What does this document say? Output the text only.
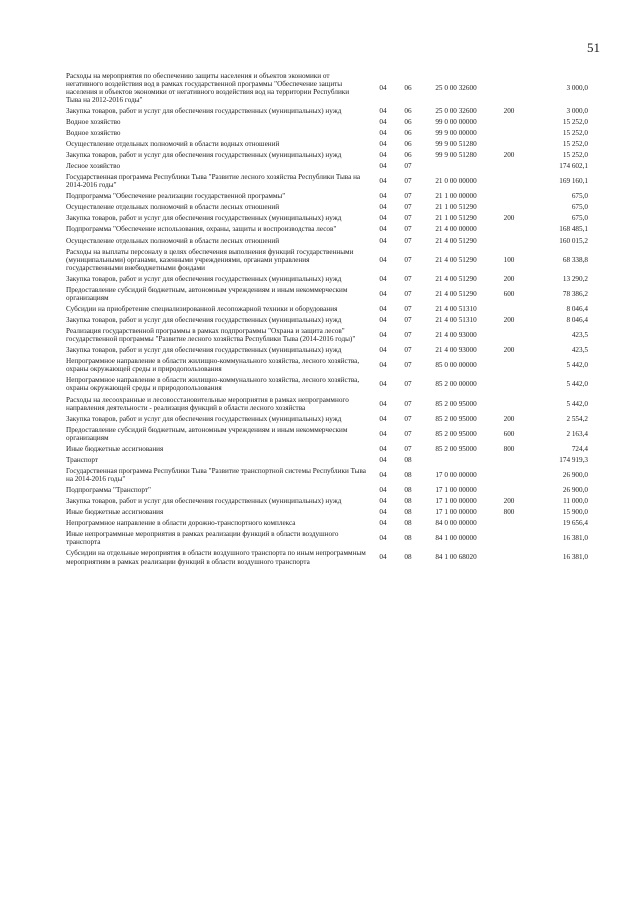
51
Расходы на мероприятия по обеспечению защиты населения и объектов экономики от негативного воздействия вод в рамках государственной программы "Обеспечение защиты населения и объектов экономики от негативного воздействия вод на территории Республики Тыва на 2012-2016 годы"	04	06	25 0 00 32600		3 000,0
Закупка товаров, работ и услуг для обеспечения государственных (муниципальных) нужд	04	06	25 0 00 32600	200	3 000,0
Водное хозяйство	04	06	99 0 00 00000		15 252,0
Водное хозяйство	04	06	99 9 00 00000		15 252,0
Осуществление отдельных полномочий в области водных отношений	04	06	99 9 00 51280		15 252,0
Закупка товаров, работ и услуг для обеспечения государственных (муниципальных) нужд	04	06	99 9 00 51280	200	15 252,0
Лесное хозяйство	04	07			174 602,1
Государственная программа Республики Тыва "Развитие лесного хозяйства Республики Тыва на 2014-2016 годы"	04	07	21 0 00 00000		169 160,1
Подпрограмма "Обеспечение реализации государственной программы"	04	07	21 1 00 00000		675,0
Осуществление отдельных полномочий в области лесных отношений	04	07	21 1 00 51290		675,0
Закупка товаров, работ и услуг для обеспечения государственных (муниципальных) нужд	04	07	21 1 00 51290	200	675,0
Подпрограмма "Обеспечение использования, охраны, защиты и воспроизводства лесов"	04	07	21 4 00 00000		168 485,1
Осуществление отдельных полномочий в области лесных отношений	04	07	21 4 00 51290		160 015,2
Расходы на выплаты персоналу в целях обеспечения выполнения функций государственными (муниципальными) органами, казенными учреждениями, органами управления государственными внебюджетными фондами	04	07	21 4 00 51290	100	68 338,8
Закупка товаров, работ и услуг для обеспечения государственных (муниципальных) нужд	04	07	21 4 00 51290	200	13 290,2
Предоставление субсидий бюджетным, автономным учреждениям и иным некоммерческим организациям	04	07	21 4 00 51290	600	78 386,2
Субсидии на приобретение специализированной лесопожарной техники и оборудования	04	07	21 4 00 51310		8 046,4
Закупка товаров, работ и услуг для обеспечения государственных (муниципальных) нужд	04	07	21 4 00 51310	200	8 046,4
Реализация государственной программы в рамках подпрограммы "Охрана и защита лесов" государственной программы "Развитие лесного хозяйства Республики Тыва (2014-2016 годы)"	04	07	21 4 00 93000		423,5
Закупка товаров, работ и услуг для обеспечения государственных (муниципальных) нужд	04	07	21 4 00 93000	200	423,5
Непрограммное направление в области жилищно-коммунального хозяйства, лесного хозяйства, охраны окружающей среды и природопользования	04	07	85 0 00 00000		5 442,0
Непрограммное направление в области жилищно-коммунального хозяйства, лесного хозяйства, охраны окружающей среды и природопользования	04	07	85 2 00 00000		5 442,0
Расходы на лесоохранные и лесовосстановительные мероприятия в рамках непрограммного направления деятельности - реализация функций в области лесного хозяйства	04	07	85 2 00 95000		5 442,0
Закупка товаров, работ и услуг для обеспечения государственных (муниципальных) нужд	04	07	85 2 00 95000	200	2 554,2
Предоставление субсидий бюджетным, автономным учреждениям и иным некоммерческим организациям	04	07	85 2 00 95000	600	2 163,4
Иные бюджетные ассигнования	04	07	85 2 00 95000	800	724,4
Транспорт	04	08			174 919,3
Государственная программа Республики Тыва "Развитие транспортной системы Республики Тыва на 2014-2016 годы"	04	08	17 0 00 00000		26 900,0
Подпрограмма "Транспорт"	04	08	17 1 00 00000		26 900,0
Закупка товаров, работ и услуг для обеспечения государственных (муниципальных) нужд	04	08	17 1 00 00000	200	11 000,0
Иные бюджетные ассигнования	04	08	17 1 00 00000	800	15 900,0
Непрограммное направление в области дорожно-транспортного комплекса	04	08	84 0 00 00000		19 656,4
Иные непрограммные мероприятия в рамках реализации функций в области воздушного транспорта	04	08	84 1 00 00000		16 381,0
Субсидии на отдельные мероприятия в области воздушного транспорта по иным непрограммным мероприятиям в рамках реализации функций в области воздушного транспорта	04	08	84 1 00 68020		16 381,0
